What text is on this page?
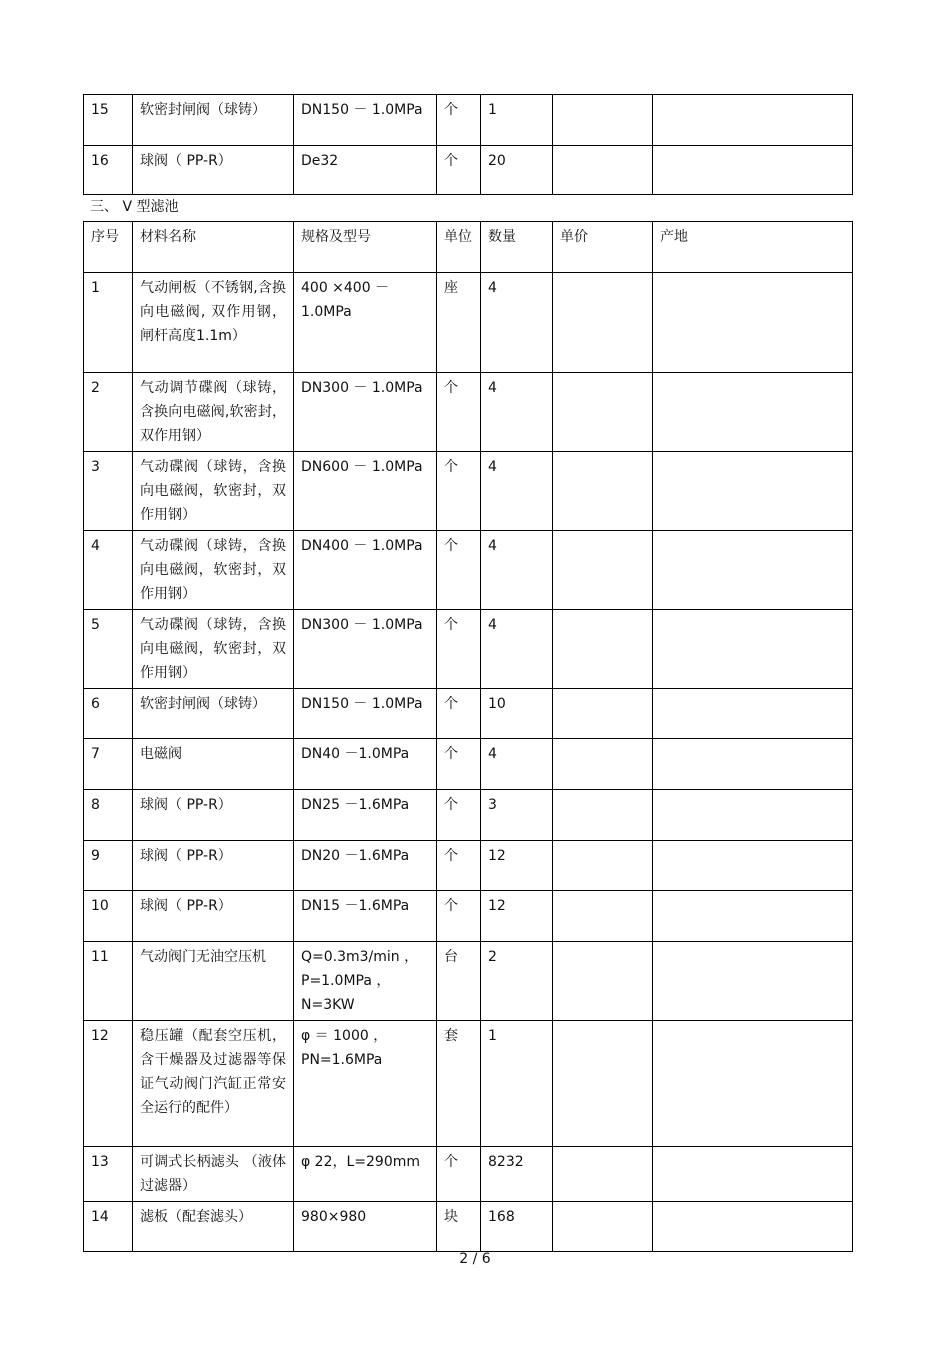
15	软密封闸阀（球铸）	DN150 － 1.0MPa	个	1		
16	球阀（ PP-R）	De32	个	20		
三、 V 型滤池
序号	材料名称	规格及型号	单位	数量	单价	产地

1	气动闸板（不锈钢,含换向电磁阀, 双作用钢，闸杆高度1.1m）	400 ×400 －1.0MPa	座	4		
2	气动调节碟阀（球铸，含换向电磁阀,软密封，双作用钢）	DN300 － 1.0MPa	个	4		
3	气动碟阀（球铸，含换向电磁阀，软密封，双作用钢）	DN600 － 1.0MPa	个	4		
4	气动碟阀（球铸，含换向电磁阀，软密封，双作用钢）	DN400 － 1.0MPa	个	4		
5	气动碟阀（球铸，含换向电磁阀，软密封，双作用钢）	DN300 － 1.0MPa	个	4		
6	软密封闸阀（球铸）	DN150 － 1.0MPa	个	10		
7	电磁阀	DN40 －1.0MPa	个	4		
8	球阀（ PP-R）	DN25 －1.6MPa	个	3		
9	球阀（ PP-R）	DN20 －1.6MPa	个	12		
10	球阀（ PP-R）	DN15 －1.6MPa	个	12		
11	气动阀门无油空压机	Q=0.3m3/min ，P=1.0MPa ，N=3KW	台	2		
12	稳压罐（配套空压机，含干燥器及过滤器等保证气动阀门汽缸正常安全运行的配件）	φ ＝ 1000 ，PN=1.6MPa	套	1		
13	可调式长柄滤头 （液体过滤器）	φ 22，L=290mm	个	8232		
14	滤板（配套滤头）	980×980	块	168		
2 / 6
